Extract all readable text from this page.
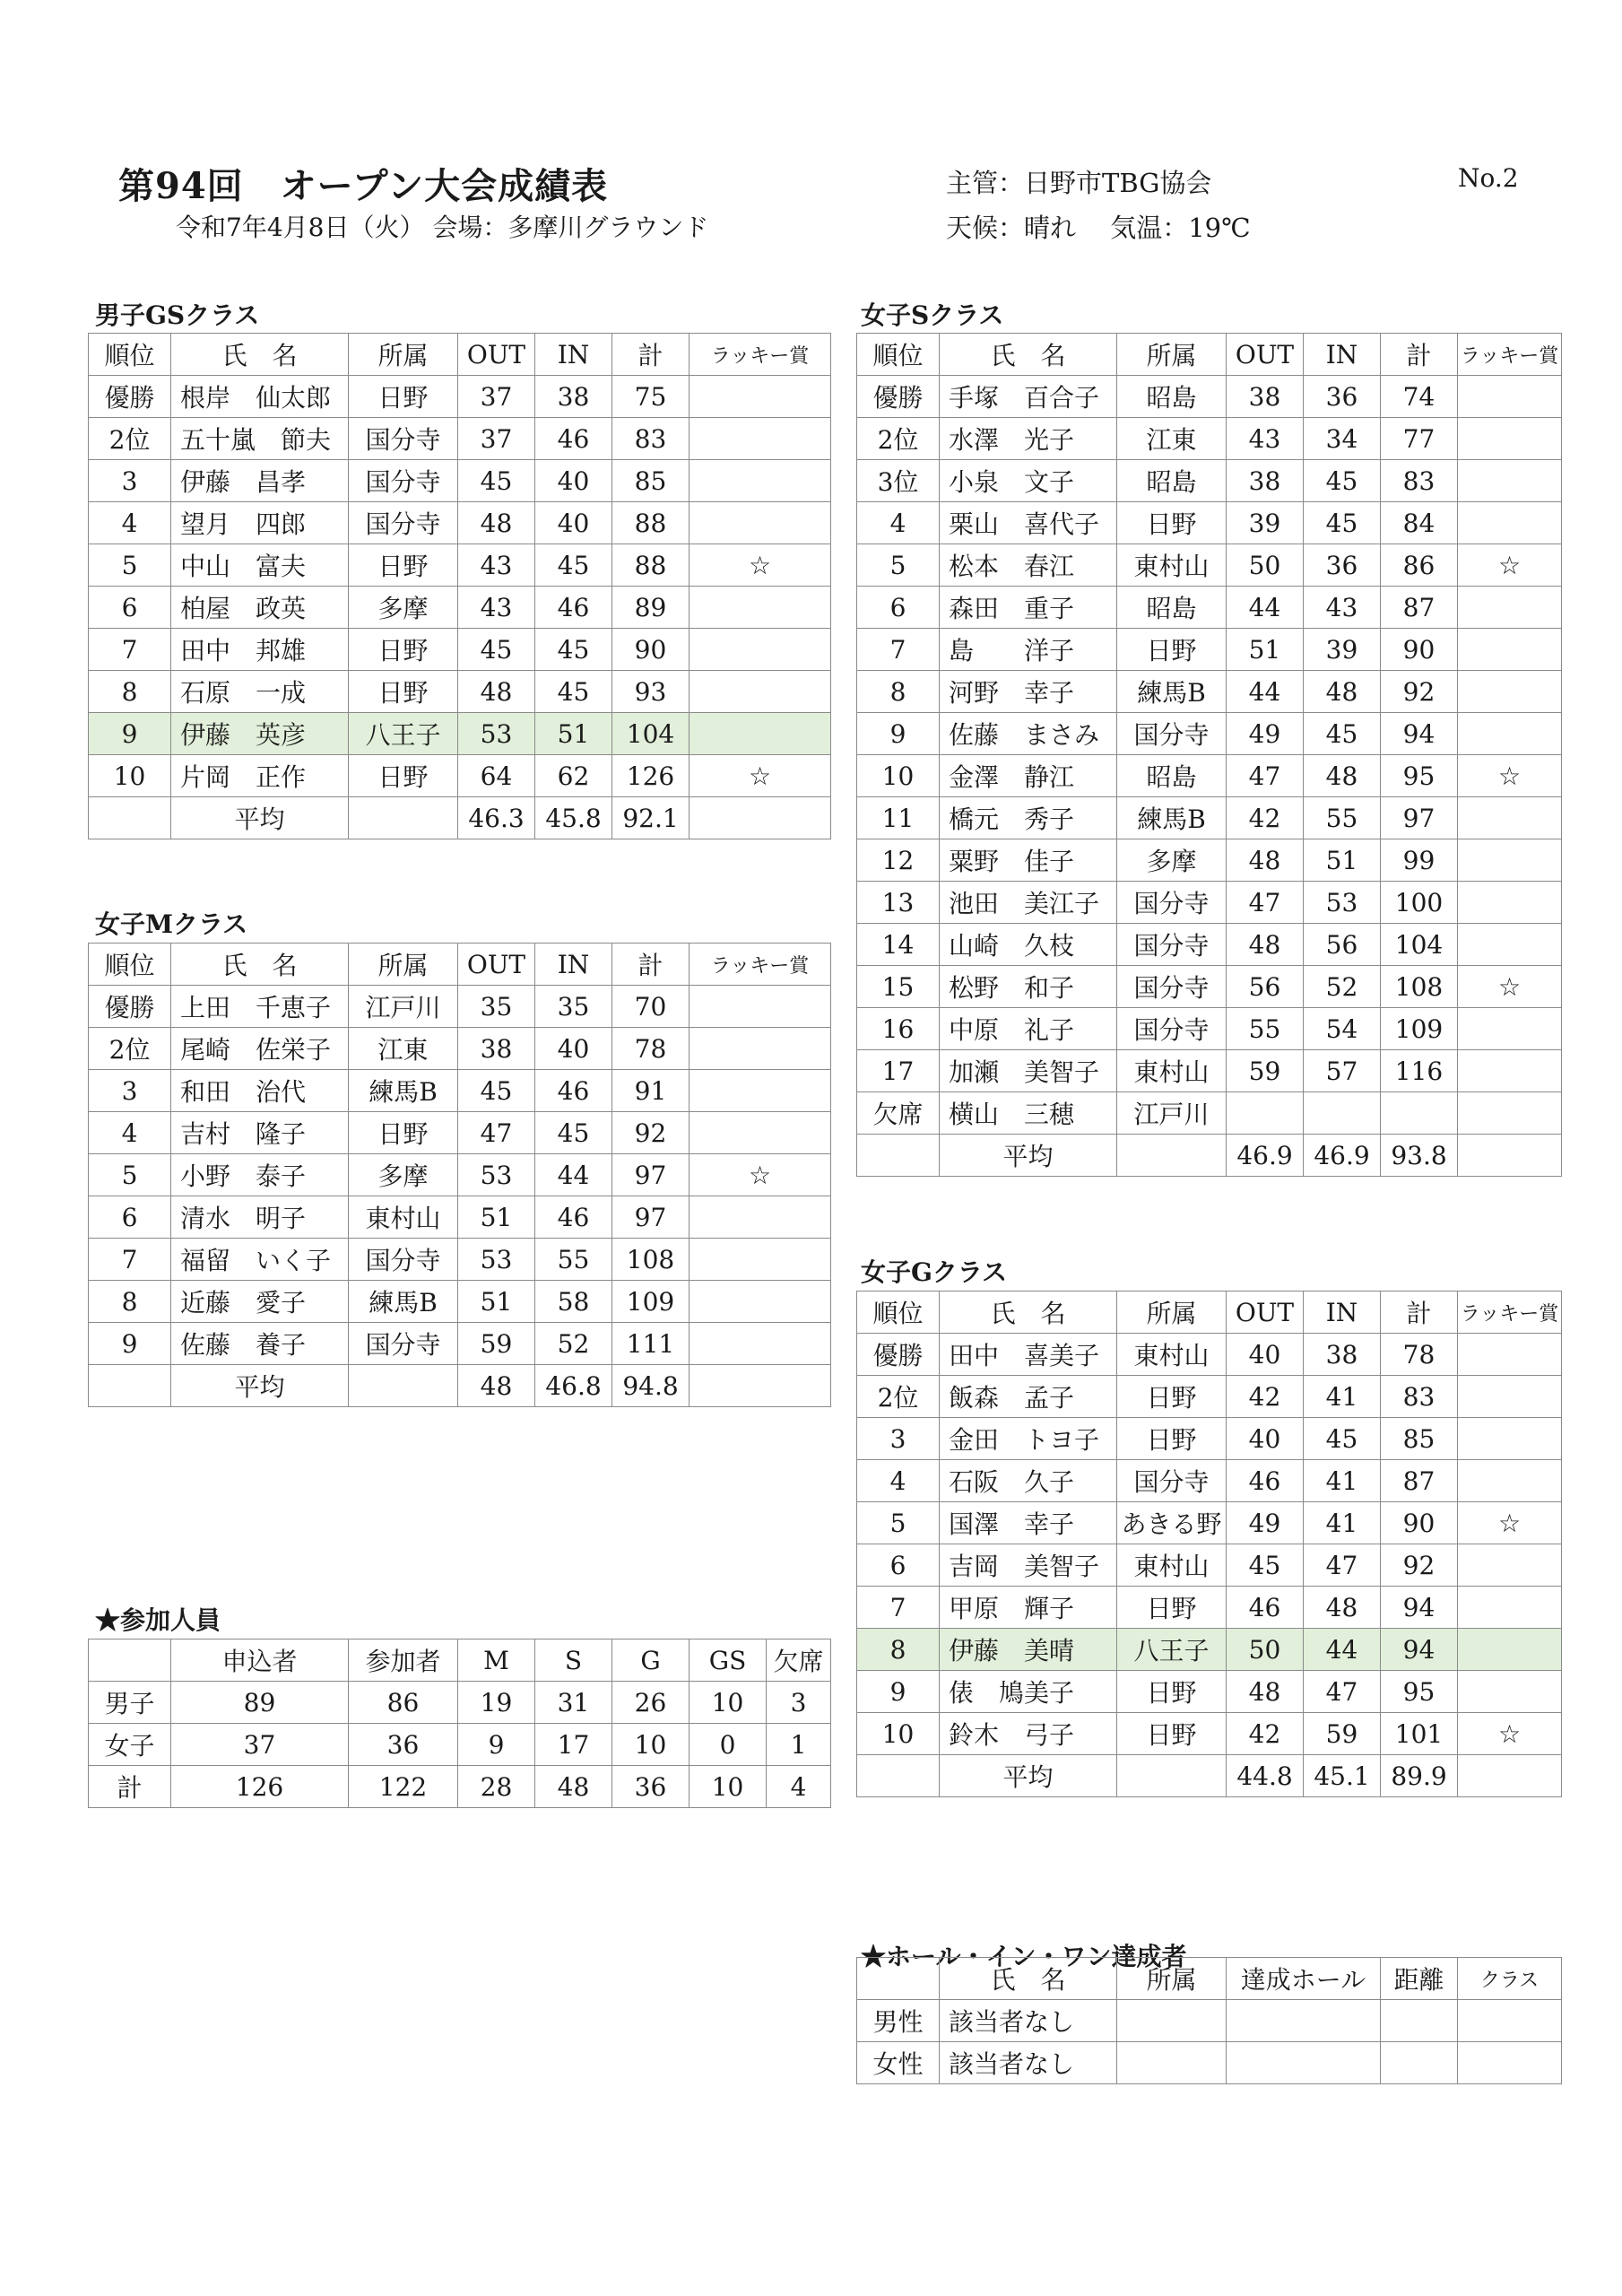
第94回　オープン大会成績表
令和7年4月8日（火） 会場：多摩川グラウンド
主管：日野市TBG協会
天候：晴れ　 気温：19℃
No.2
男子GSクラス
女子Mクラス
★参加人員
女子Sクラス
女子Gクラス
★ホール・イン・ワン達成者
順位	氏　名	所属	OUT	IN	計	ラッキー賞
優勝	根岸　仙太郎	日野	37	38	75	
2位	五十嵐　節夫	国分寺	37	46	83	
3	伊藤　昌孝	国分寺	45	40	85	
4	望月　四郎	国分寺	48	40	88	
5	中山　富夫	日野	43	45	88	☆
6	柏屋　政英	多摩	43	46	89	
7	田中　邦雄	日野	45	45	90	
8	石原　一成	日野	48	45	93	
9	伊藤　英彦	八王子	53	51	104	
10	片岡　正作	日野	64	62	126	☆
	平均		46.3	45.8	92.1	
順位	氏　名	所属	OUT	IN	計	ラッキー賞
優勝	上田　千恵子	江戸川	35	35	70	
2位	尾崎　佐栄子	江東	38	40	78	
3	和田　治代	練馬B	45	46	91	
4	吉村　隆子	日野	47	45	92	
5	小野　泰子	多摩	53	44	97	☆
6	清水　明子	東村山	51	46	97	
7	福留　いく子	国分寺	53	55	108	
8	近藤　愛子	練馬B	51	58	109	
9	佐藤　養子	国分寺	59	52	111	
	平均		48	46.8	94.8	
順位	氏　名	所属	OUT	IN	計	ラッキー賞
優勝	手塚　百合子	昭島	38	36	74	
2位	水澤　光子	江東	43	34	77	
3位	小泉　文子	昭島	38	45	83	
4	栗山　喜代子	日野	39	45	84	
5	松本　春江	東村山	50	36	86	☆
6	森田　重子	昭島	44	43	87	
7	島　　洋子	日野	51	39	90	
8	河野　幸子	練馬B	44	48	92	
9	佐藤　まさみ	国分寺	49	45	94	
10	金澤　静江	昭島	47	48	95	☆
11	橋元　秀子	練馬B	42	55	97	
12	粟野　佳子	多摩	48	51	99	
13	池田　美江子	国分寺	47	53	100	
14	山崎　久枝	国分寺	48	56	104	
15	松野　和子	国分寺	56	52	108	☆
16	中原　礼子	国分寺	55	54	109	
17	加瀬　美智子	東村山	59	57	116	
欠席	横山　三穂	江戸川				
	平均		46.9	46.9	93.8	
順位	氏　名	所属	OUT	IN	計	ラッキー賞
優勝	田中　喜美子	東村山	40	38	78	
2位	飯森　孟子	日野	42	41	83	
3	金田　トヨ子	日野	40	45	85	
4	石阪　久子	国分寺	46	41	87	
5	国澤　幸子	あきる野	49	41	90	☆
6	吉岡　美智子	東村山	45	47	92	
7	甲原　輝子	日野	46	48	94	
8	伊藤　美晴	八王子	50	44	94	
9	俵　鳩美子	日野	48	47	95	
10	鈴木　弓子	日野	42	59	101	☆
	平均		44.8	45.1	89.9	
	申込者	参加者	M	S	G	GS	欠席
男子	89	86	19	31	26	10	3
女子	37	36	9	17	10	0	1
計	126	122	28	48	36	10	4
	氏　名	所属	達成ホール	距離	クラス
男性	該当者なし				
女性	該当者なし				
